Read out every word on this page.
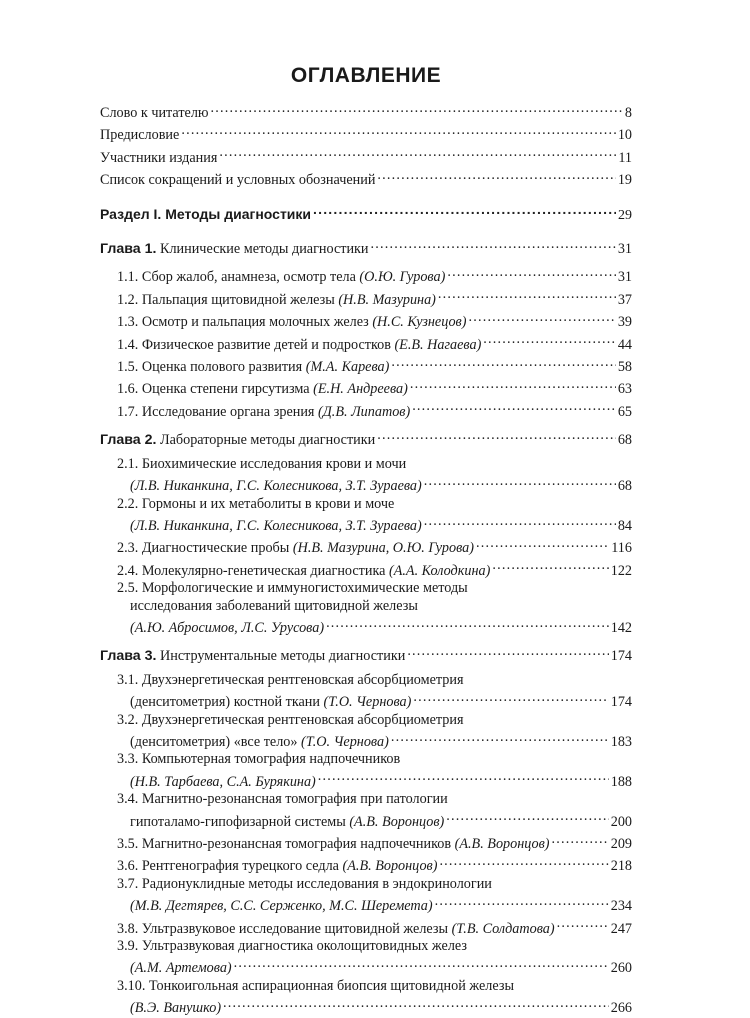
ОГЛАВЛЕНИЕ
Слово к читателю .....	8
Предисловие .....	10
Участники издания .....	11
Список сокращений и условных обозначений .....	19
Раздел I. Методы диагностики .....	29
Глава 1. Клинические методы диагностики .....	31
1.1. Сбор жалоб, анамнеза, осмотр тела (О.Ю. Гурова) .....	31
1.2. Пальпация щитовидной железы (Н.В. Мазурина) .....	37
1.3. Осмотр и пальпация молочных желез (Н.С. Кузнецов) .....	39
1.4. Физическое развитие детей и подростков (Е.В. Нагаева) .....	44
1.5. Оценка полового развития (М.А. Карева) .....	58
1.6. Оценка степени гирсутизма (Е.Н. Андреева) .....	63
1.7. Исследование органа зрения (Д.В. Липатов) .....	65
Глава 2. Лабораторные методы диагностики .....	68
2.1. Биохимические исследования крови и мочи
(Л.В. Никанкина, Г.С. Колесникова, З.Т. Зураева) .....	68
2.2. Гормоны и их метаболиты в крови и моче
(Л.В. Никанкина, Г.С. Колесникова, З.Т. Зураева) .....	84
2.3. Диагностические пробы (Н.В. Мазурина, О.Ю. Гурова) .....	116
2.4. Молекулярно-генетическая диагностика (А.А. Колодкина) .....	122
2.5. Морфологические и иммуногистохимические методы
исследования заболеваний щитовидной железы
(А.Ю. Абросимов, Л.С. Урусова) .....	142
Глава 3. Инструментальные методы диагностики .....	174
3.1. Двухэнергетическая рентгеновская абсорбциометрия
(денситометрия) костной ткани (Т.О. Чернова) .....	174
3.2. Двухэнергетическая рентгеновская абсорбциометрия
(денситометрия) «все тело» (Т.О. Чернова) .....	183
3.3. Компьютерная томография надпочечников
(Н.В. Тарбаева, С.А. Бурякина) .....	188
3.4. Магнитно-резонансная томография при патологии
гипоталамо-гипофизарной системы (А.В. Воронцов) .....	200
3.5. Магнитно-резонансная томография надпочечников (А.В. Воронцов) .....	209
3.6. Рентгенография турецкого седла (А.В. Воронцов) .....	218
3.7. Радионуклидные методы исследования в эндокринологии
(М.В. Дегтярев, С.С. Серженко, М.С. Шеремета) .....	234
3.8. Ультразвуковое исследование щитовидной железы (Т.В. Солдатова) .....	247
3.9. Ультразвуковая диагностика околощитовидных желез
(А.М. Артемова) .....	260
3.10. Тонкоигольная аспирационная биопсия щитовидной железы
(В.Э. Ванушко) .....	266
